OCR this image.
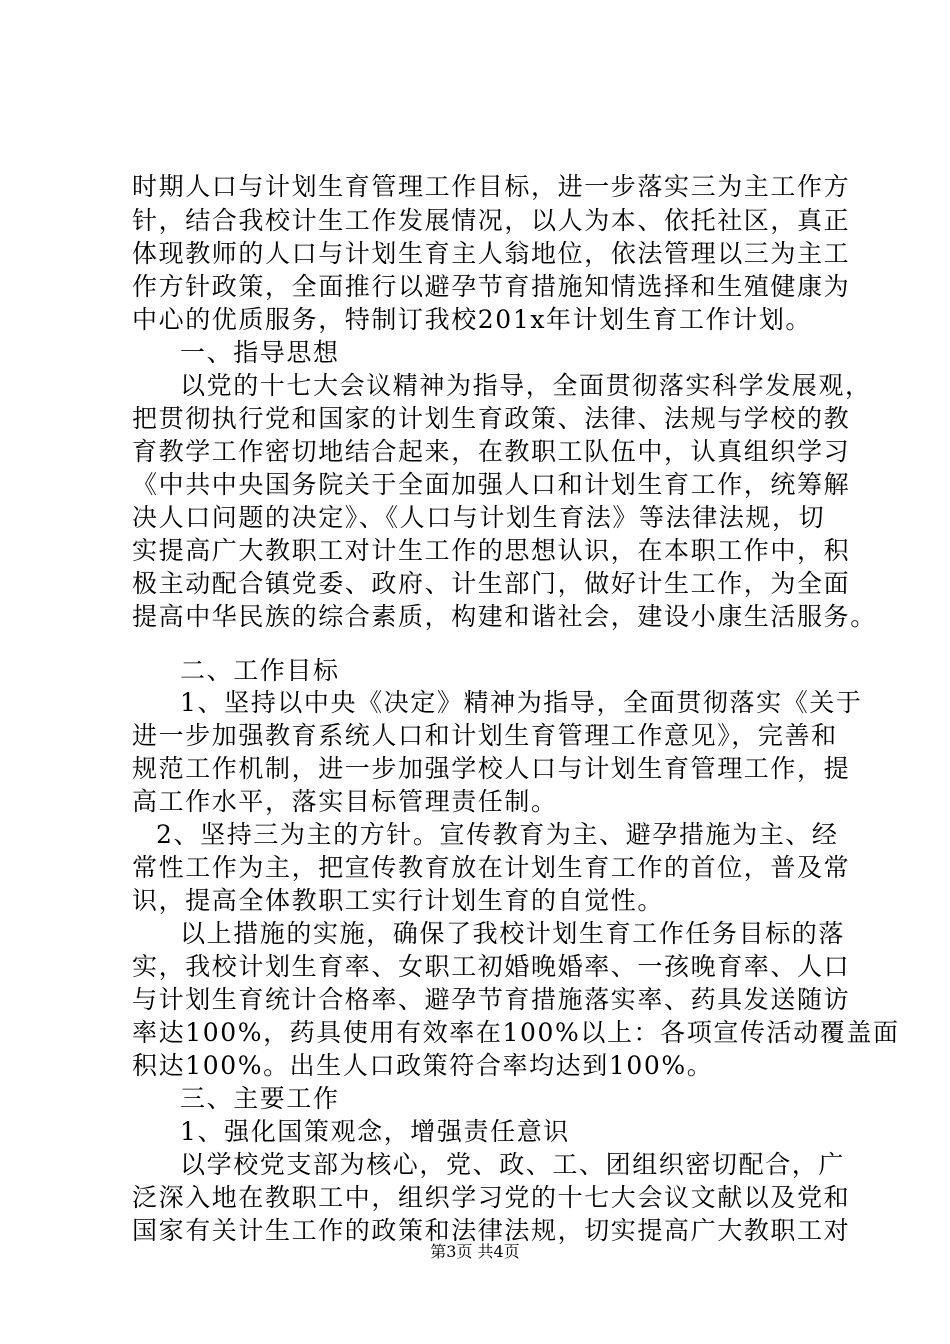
时期人口与计划生育管理工作目标，进一步落实三为主工作方
针，结合我校计生工作发展情况，以人为本、依托社区，真正
体现教师的人口与计划生育主人翁地位，依法管理以三为主工
作方针政策，全面推行以避孕节育措施知情选择和生殖健康为
中心的优质服务，特制订我校201x年计划生育工作计划。
一、指导思想
以党的十七大会议精神为指导，全面贯彻落实科学发展观，
把贯彻执行党和国家的计划生育政策、法律、法规与学校的教
育教学工作密切地结合起来，在教职工队伍中，认真组织学习
《中共中央国务院关于全面加强人口和计划生育工作，统筹解
决人口问题的决定》、《人口与计划生育法》等法律法规，切
实提高广大教职工对计生工作的思想认识，在本职工作中，积
极主动配合镇党委、政府、计生部门，做好计生工作，为全面
提高中华民族的综合素质，构建和谐社会，建设小康生活服务。
二、工作目标
1、坚持以中央《决定》精神为指导，全面贯彻落实《关于
进一步加强教育系统人口和计划生育管理工作意见》，完善和
规范工作机制，进一步加强学校人口与计划生育管理工作，提
高工作水平，落实目标管理责任制。
2、坚持三为主的方针。宣传教育为主、避孕措施为主、经
常性工作为主，把宣传教育放在计划生育工作的首位，普及常
识，提高全体教职工实行计划生育的自觉性。
以上措施的实施，确保了我校计划生育工作任务目标的落
实，我校计划生育率、女职工初婚晚婚率、一孩晚育率、人口
与计划生育统计合格率、避孕节育措施落实率、药具发送随访
率达100%，药具使用有效率在100%以上：各项宣传活动覆盖面
积达100%。出生人口政策符合率均达到100%。
三、主要工作
1、强化国策观念，增强责任意识
以学校党支部为核心，党、政、工、团组织密切配合，广
泛深入地在教职工中，组织学习党的十七大会议文献以及党和
国家有关计生工作的政策和法律法规，切实提高广大教职工对
第3页 共4页
